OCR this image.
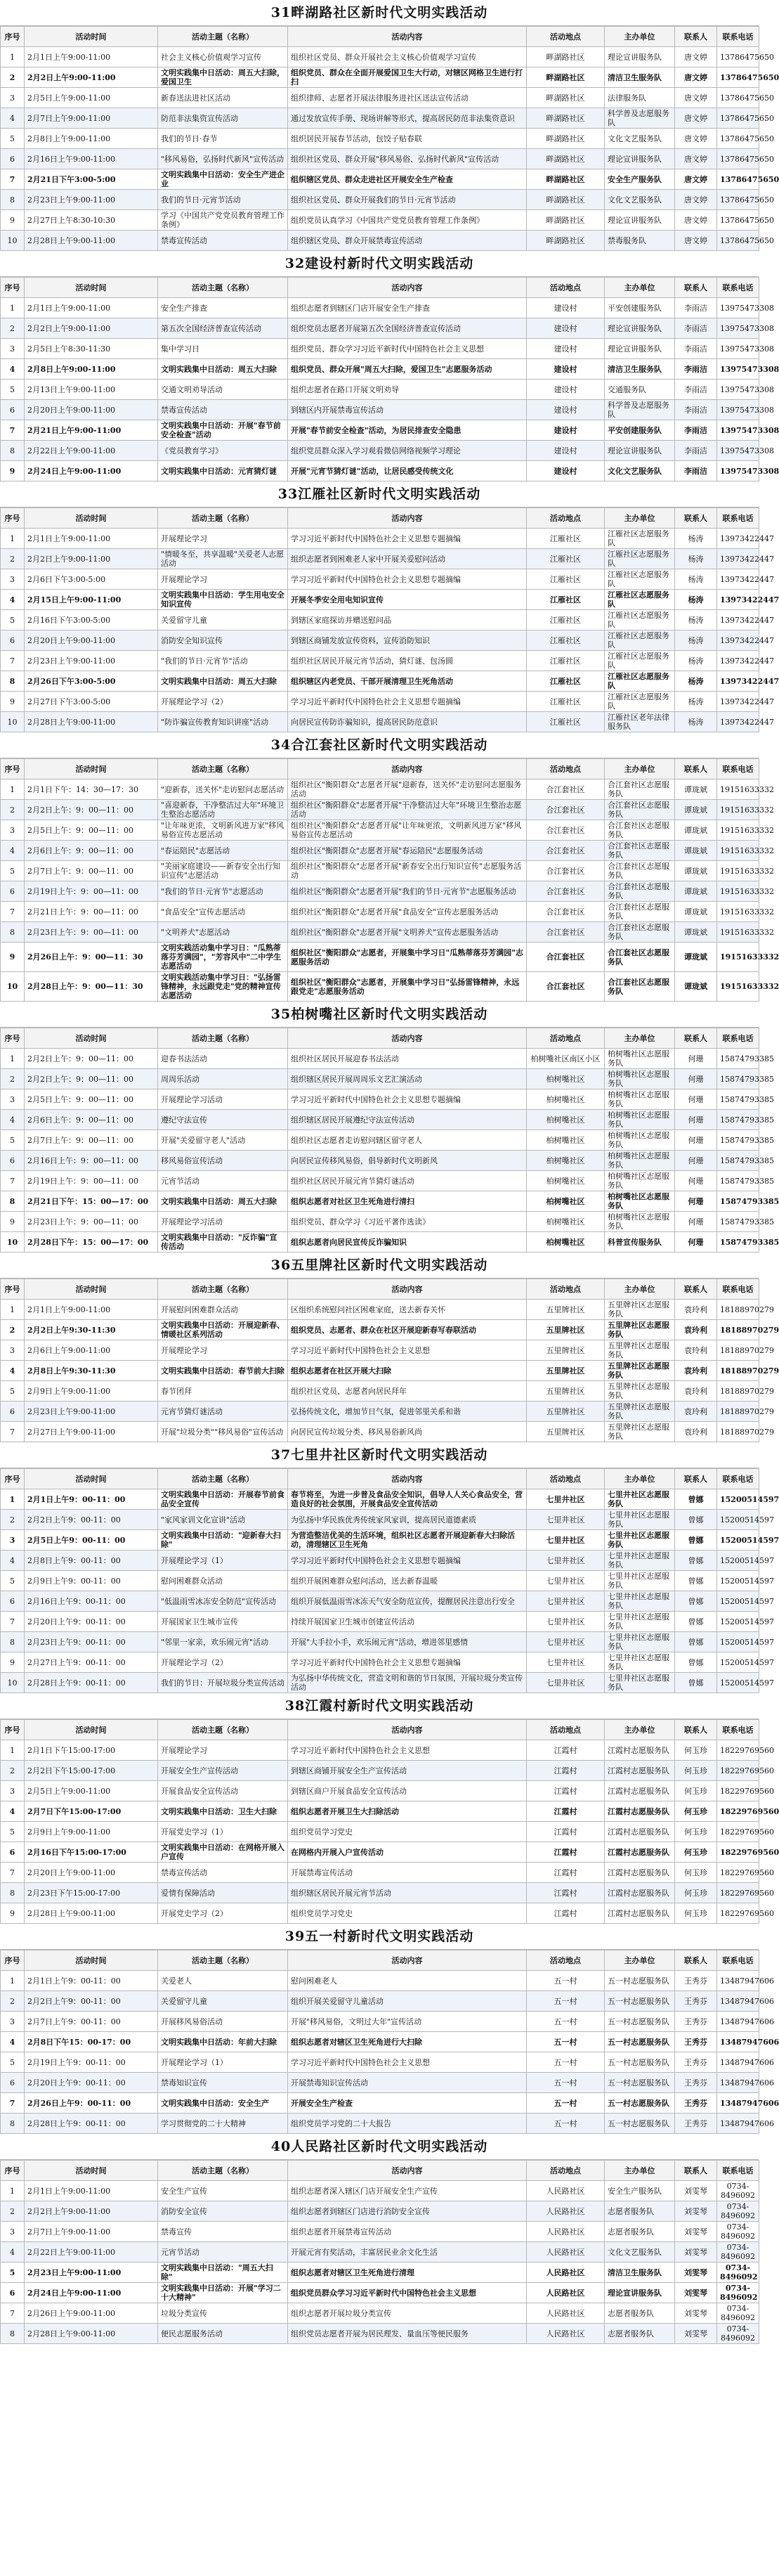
31畔湖路社区新时代文明实践活动
序号	活动时间	活动主题（名称）	活动内容	活动地点	主办单位	联系人	联系电话
1	2月1日上午9:00-11:00	社会主义核心价值观学习宣传	组织社区党员、群众开展社会主义核心价值观学习宣传	畔湖路社区	理论宣讲服务队	唐文婷	13786475650
2	2月2日上午9:00-11:00	文明实践集中日活动：周五大扫除，爱国卫生	组织党员、群众在全面开展爱国卫生大行动，对辖区网格卫生进行打扫	畔湖路社区	清洁卫生服务队	唐文婷	13786475650
3	2月5日上午9:00-11:00	新春送法进社区活动	组织律师、志愿者开展法律服务进社区送法宣传活动	畔湖路社区	法律服务队	唐文婷	13786475650
4	2月7日上午9:00-11:00	防范非法集资宣传活动	通过发放宣传手册、现场讲解等形式，提高居民防范非法集资意识	畔湖路社区	科学普及志愿服务队	唐文婷	13786475650
5	2月8日上午9:00-11:00	我们的节日·春节	组织居民开展春节活动，包饺子贴春联	畔湖路社区	文化文艺服务队	唐文婷	13786475650
6	2月16日上午9:00-11:00	"移风易俗，弘扬时代新风"宣传活动	组织社区党员、群众开展"移风易俗、弘扬时代新风"宣传活动	畔湖路社区	理论宣讲服务队	唐文婷	13786475650
7	2月21日下午3:00-5:00	文明实践集中日活动：安全生产进企业	组织辖区党员、群众走进社区开展安全生产检查	畔湖路社区	安全生产服务队	唐文婷	13786475650
8	2月23日上午9:00-11:00	我们的节日·元宵节活动	组织社区党员、群众开展我们的节日·元宵节活动	畔湖路社区	文化文艺服务队	唐文婷	13786475650
9	2月27日上午8:30-10:30	学习《中国共产党党员教育管理工作条例》	组织党员认真学习《中国共产党党员教育管理工作条例》	畔湖路社区	理论宣讲服务队	唐文婷	13786475650
10	2月28日上午9:00-11:00	禁毒宣传活动	组织辖区党员、群众开展禁毒宣传活动	畔湖路社区	禁毒服务队	唐文婷	13786475650
32建设村新时代文明实践活动
序号	活动时间	活动主题（名称）	活动内容	活动地点	主办单位	联系人	联系电话
1	2月1日上午9:00-11:00	安全生产排查	组织志愿者到辖区门店开展安全生产排查	建设村	平安创建服务队	李雨洁	13975473308
2	2月2日上午9:00-11:00	第五次全国经济普查宣传活动	组织党员志愿者开展第五次全国经济普查宣传活动	建设村	理论宣讲服务队	李雨洁	13975473308
3	2月5日上午8:30-11:30	集中学习日	组织党员、群众学习习近平新时代中国特色社会主义思想	建设村	理论宣讲服务队	李雨洁	13975473308
4	2月8日上午9:00-11:00	文明实践集中日活动：周五大扫除	组织党员、群众开展"周五大扫除，爱国卫生"志愿服务活动	建设村	清洁卫生服务队	李雨洁	13975473308
5	2月13日上午9:00-11:00	交通文明劝导活动	组织志愿者在路口开展文明劝导	建设村	交通服务队	李雨洁	13975473308
6	2月20日上午9:00-11:00	禁毒宣传活动	到辖区内开展禁毒宣传活动	建设村	科学普及志愿服务队	李雨洁	13975473308
7	2月21日上午9:00-11:00	文明实践集中日活动：开展"春节前安全检查"活动	开展"春节前安全检查"活动，为居民排查安全隐患	建设村	平安创建服务队	李雨洁	13975473308
8	2月22日上午9:00-11:00	《党员教育学习》	组织党员群众深入学习观看微信网络视频学习理论	建设村	理论宣讲服务队	李雨洁	13975473308
9	2月24日上午9:00-11:00	文明实践集中日活动：元宵猜灯谜	开展"元宵节猜灯谜"活动，让居民感受传统文化	建设村	文化文艺服务队	李雨洁	13975473308
33江雁社区新时代文明实践活动
序号	活动时间	活动主题（名称）	活动内容	活动地点	主办单位	联系人	联系电话
1	2月1日上午9:00-11:00	开展理论学习	学习习近平新时代中国特色社会主义思想专题摘编	江雁社区	江雁社区志愿服务队	杨涛	13973422447
2	2月2日上午9:00-11:00	"情暖冬至，共享温暖"关爱老人志愿活动	组织志愿者到困难老人家中开展关爱慰问活动	江雁社区	江雁社区志愿服务队	杨涛	13973422447
3	2月6日下午3:00-5:00	开展理论学习	学习习近平新时代中国特色社会主义思想专题摘编	江雁社区	江雁社区志愿服务队	杨涛	13973422447
4	2月15日上午9:00-11:00	文明实践集中日活动：学生用电安全知识宣传	开展冬季安全用电知识宣传	江雁社区	江雁社区志愿服务队	杨涛	13973422447
5	2月16日下午3:00-5:00	关爱留守儿童	到辖区家庭探访并赠送慰问品	江雁社区	江雁社区志愿服务队	杨涛	13973422447
6	2月20日上午9:00-11:00	消防安全知识宣传	到辖区商铺发放宣传资料，宣传消防知识	江雁社区	江雁社区志愿服务队	杨涛	13973422447
7	2月23日上午9:00-11:00	"我们的节日·元宵节"活动	组织社区居民开展元宵节活动，猜灯谜、包汤圆	江雁社区	江雁社区志愿服务队	杨涛	13973422447
8	2月26日下午3:00-5:00	文明实践集中日活动：周五大扫除	组织辖区内老党员、干部开展清理卫生死角活动	江雁社区	江雁社区志愿服务队	杨涛	13973422447
9	2月27日下午3:00-5:00	开展理论学习（2）	学习习近平新时代中国特色社会主义思想专题摘编	江雁社区	江雁社区志愿服务队	杨涛	13973422447
10	2月28日上午9:00-11:00	"防诈骗宣传教育知识讲座"活动	向居民宣传防诈骗知识，提高居民防范意识	江雁社区	江雁社区老年法律服务队	杨涛	13973422447
34合江套社区新时代文明实践活动
序号	活动时间	活动主题（名称）	活动内容	活动地点	主办单位	联系人	联系电话
1	2月1日下午：14：30—17：30	"迎新春，送关怀"走访慰问志愿活动	组织社区"衡阳群众"志愿者开展"迎新春，送关怀"走访慰问志愿服务活动	合江套社区	合江套社区志愿服务队	谭珑斌	19151633332
2	2月2日上午：9：00—11：00	"喜迎新春，干净整洁过大年"环境卫生整治志愿活动	组织社区"衡阳群众"志愿者开展"干净整洁过大年"环境卫生整治志愿活动	合江套社区	合江套社区志愿服务队	谭珑斌	19151633332
3	2月5日上午：9：00—11：00	"让年味更浓，文明新风进万家"移风易俗宣传志愿活动	组织社区"衡阳群众"志愿者开展"让年味更浓，文明新风进万家"移风易俗宣传志愿活动	合江套社区	合江套社区志愿服务队	谭珑斌	19151633332
4	2月6日上午：9：00—11：00	"春运陪民"志愿活动	组织社区"衡阳群众"志愿者开展"春运陪民"志愿服务活动	合江套社区	合江套社区志愿服务队	谭珑斌	19151633332
5	2月7日上午：9：00—11：00	"美丽家庭建设——新春安全出行知识宣传"志愿活动	组织社区"衡阳群众"志愿者开展"新春安全出行知识宣传"志愿服务活动	合江套社区	合江套社区志愿服务队	谭珑斌	19151633332
6	2月19日上午：9：00—11：00	"我们的节日·元宵节"志愿活动	组织社区"衡阳群众"志愿者开展"我们的节日·元宵节"志愿服务活动	合江套社区	合江套社区志愿服务队	谭珑斌	19151633332
7	2月21日上午：9：00—11：00	"食品安全"宣传志愿活动	组织社区"衡阳群众"志愿者开展"食品安全"宣传志愿服务活动	合江套社区	合江套社区志愿服务队	谭珑斌	19151633332
8	2月23日上午：9：00—11：00	"文明养犬"志愿活动	组织社区"衡阳群众"志愿者开展"文明养犬"宣传志愿服务活动	合江套社区	合江套社区志愿服务队	谭珑斌	19151633332
9	2月26日上午：9：00—11：30	文明实践活动集中学习日："瓜熟蒂落芬芳满园"，"芳容风中"二中学生志愿活动	组织社区"衡阳群众"志愿者，开展集中学习日"瓜熟蒂落芬芳满园"志愿服务活动	合江套社区	合江套社区志愿服务队	谭珑斌	19151633332
10	2月28日上午：9：00—11：30	文明实践活动集中学习日："弘扬雷锋精神，永远跟党走"党的精神宣传志愿活动	组织社区"衡阳群众"志愿者，开展集中学习日"弘扬雷锋精神，永远跟党走"志愿服务活动	合江套社区	合江套社区志愿服务队	谭珑斌	19151633332
35柏树嘴社区新时代文明实践活动
序号	活动时间	活动主题（名称）	活动内容	活动地点	主办单位	联系人	联系电话
1	2月2日上午：9：00—11：00	迎春书法活动	组织社区居民开展迎春书法活动	柏树嘴社区南区小区	柏树嘴社区志愿服务队	何珊	15874793385
2	2月2日上午：9：00—11：00	周周乐活动	组织辖区居民开展周周乐文艺汇演活动	柏树嘴社区	柏树嘴社区志愿服务队	何珊	15874793385
3	2月5日上午：9：00—11：00	开展理论学习活动	学习习近平新时代中国特色社会主义思想专题摘编	柏树嘴社区	柏树嘴社区志愿服务队	何珊	15874793385
4	2月6日上午：9：00—11：00	遵纪守法宣传	组织辖区居民开展遵纪守法宣传活动	柏树嘴社区	柏树嘴社区志愿服务队	何珊	15874793385
5	2月7日上午：9：00—11：00	开展"关爱留守老人"活动	组织社区志愿者走访慰问辖区留守老人	柏树嘴社区	柏树嘴社区志愿服务队	何珊	15874793385
6	2月16日上午：9：00—11：00	移风易俗宣传活动	向居民宣传移风易俗，倡导新时代文明新风	柏树嘴社区	柏树嘴社区志愿服务队	何珊	15874793385
7	2月19日上午：9：00—11：00	元宵节活动	组织社区居民开展元宵节猜灯谜活动	柏树嘴社区	柏树嘴社区志愿服务队	何珊	15874793385
8	2月21日下午：15：00—17：00	文明实践集中日活动：周五大扫除	组织志愿者对社区卫生死角进行清扫	柏树嘴社区	柏树嘴社区志愿服务队	何珊	15874793385
9	2月23日上午：9：00—11：00	开展理论学习活动	组织党员、群众学习《习近平著作选读》	柏树嘴社区	柏树嘴社区志愿服务队	何珊	15874793385
10	2月28日下午：15：00—17：00	文明实践集中日活动："反诈骗"宣传活动	组织志愿者向居民宣传反诈骗知识	柏树嘴社区	科普宣传服务队	何珊	15874793385
36五里牌社区新时代文明实践活动
序号	活动时间	活动主题（名称）	活动内容	活动地点	主办单位	联系人	联系电话
1	2月1日上午9:00-11:00	开展慰问困难群众活动	区组织系统慰问社区困难家庭，送去新春关怀	五里牌社区	五里牌社区志愿服务队	袁玲利	18188970279
2	2月2日上午9:30-11:30	文明实践集中日活动：开展迎新春、情暖社区系列活动	组织党员、志愿者、群众在社区开展迎新春写春联活动	五里牌社区	五里牌社区志愿服务队	袁玲利	18188970279
3	2月6日上午9:00-11:00	开展理论学习	学习习近平新时代中国特色社会主义思想	五里牌社区	五里牌社区志愿服务队	袁玲利	18188970279
4	2月8日上午9:30-11:30	文明实践集中日活动：春节前大扫除	组织志愿者在社区开展大扫除	五里牌社区	五里牌社区志愿服务队	袁玲利	18188970279
5	2月9日上午9:00-11:00	春节团拜	组织社区党员、志愿者向居民拜年	五里牌社区	五里牌社区志愿服务队	袁玲利	18188970279
6	2月23日上午9:00-11:00	元宵节猜灯谜活动	弘扬传统文化，增加节日气氛，促进邻里关系和谐	五里牌社区	五里牌社区志愿服务队	袁玲利	18188970279
7	2月27日上午9:00-11:00	开展"垃圾分类""移风易俗"宣传活动	向居民宣传垃圾分类、移风易俗新风尚	五里牌社区	五里牌社区志愿服务队	袁玲利	18188970279
37七里井社区新时代文明实践活动
序号	活动时间	活动主题（名称）	活动内容	活动地点	主办单位	联系人	联系电话
1	2月1日上午9：00-11：00	文明实践集中日活动：开展春节前食品安全宣传	春节将至，为进一步普及食品安全知识，倡导人人关心食品安全，营造良好的社会氛围，开展食品安全宣传活动	七里井社区	七里井社区志愿服务队	曾娜	15200514597
2	2月2日上午9：00-11：00	"家风家训文化宣讲"活动	为弘扬中华民族优秀传统家风家训，提高居民道德素质	七里井社区	七里井社区志愿服务队	曾娜	15200514597
3	2月5日上午9：00-11：00	文明实践集中日活动："迎新春大扫除"	为营造整洁优美的生活环境，组织社区志愿者开展迎新春大扫除活动，清理辖区卫生死角	七里井社区	七里井社区志愿服务队	曾娜	15200514597
4	2月8日上午9：00-11：00	开展理论学习（1）	学习习近平新时代中国特色社会主义思想专题摘编	七里井社区	七里井社区志愿服务队	曾娜	15200514597
5	2月9日上午9：00-11：00	慰问困难群众活动	组织开展困难群众慰问活动，送去新春温暖	七里井社区	七里井社区志愿服务队	曾娜	15200514597
6	2月16日上午9：00-11：00	"低温雨雪冰冻安全防范"宣传活动	组织开展低温雨雪冰冻天气安全防范宣传，提醒居民注意出行安全	七里井社区	七里井社区志愿服务队	曾娜	15200514597
7	2月20日上午9：00-11：00	开展国家卫生城市宣传	持续开展国家卫生城市创建宣传活动	七里井社区	七里井社区志愿服务队	曾娜	15200514597
8	2月23日上午9：00-11：00	"邻里一家亲，欢乐闹元宵"活动	开展"大手拉小手，欢乐闹元宵"活动，增进邻里感情	七里井社区	七里井社区志愿服务队	曾娜	15200514597
9	2月27日上午9：00-11：00	开展理论学习（2）	学习习近平新时代中国特色社会主义思想专题摘编	七里井社区	七里井社区志愿服务队	曾娜	15200514597
10	2月28日上午9：00-11：00	我们的节日：开展垃圾分类宣传活动	为弘扬中华传统文化，营造文明和谐的节日氛围，开展垃圾分类宣传活动	七里井社区	七里井社区志愿服务队	曾娜	15200514597
38江霞村新时代文明实践活动
序号	活动时间	活动主题（名称）	活动内容	活动地点	主办单位	联系人	联系电话
1	2月1日下午15:00-17:00	开展理论学习	学习习近平新时代中国特色社会主义思想	江霞村	江霞村志愿服务队	何玉珍	18229769560
2	2月2日下午15:00-17:00	开展安全生产宣传活动	到辖区商铺开展安全生产宣传活动	江霞村	江霞村志愿服务队	何玉珍	18229769560
3	2月5日上午9:00-11:00	开展食品安全宣传活动	到辖区商户开展食品安全宣传活动	江霞村	江霞村志愿服务队	何玉珍	18229769560
4	2月7日下午15:00-17:00	文明实践集中日活动：卫生大扫除	组织志愿者开展卫生大扫除活动	江霞村	江霞村志愿服务队	何玉珍	18229769560
5	2月9日上午9:00-11:00	开展党史学习（1）	组织党员学习党史	江霞村	江霞村志愿服务队	何玉珍	18229769560
6	2月16日下午15:00-17:00	文明实践集中日活动：在网格开展入户宣传	在网格内开展入户宣传活动	江霞村	江霞村志愿服务队	何玉珍	18229769560
7	2月20日上午9:00-11:00	禁毒宣传活动	开展禁毒宣传活动	江霞村	江霞村志愿服务队	何玉珍	18229769560
8	2月23日下午15:00-17:00	爱情有保障活动	组织辖区居民开展元宵节活动	江霞村	江霞村志愿服务队	何玉珍	18229769560
9	2月28日上午9:00-11:00	开展党史学习（2）	组织党员学习党史	江霞村	江霞村志愿服务队	何玉珍	18229769560
39五一村新时代文明实践活动
序号	活动时间	活动主题（名称）	活动内容	活动地点	主办单位	联系人	联系电话
1	2月1日上午9：00-11：00	关爱老人	慰问困难老人	五一村	五一村志愿服务队	王秀芬	13487947606
2	2月2日上午9：00-11：00	关爱留守儿童	组织开展关爱留守儿童活动	五一村	五一村志愿服务队	王秀芬	13487947606
3	2月7日上午9：00-11：00	开展移风易俗活动	开展"移风易俗，文明过大年"宣传活动	五一村	五一村志愿服务队	王秀芬	13487947606
4	2月8日下午15：00-17：00	文明实践集中日活动：年前大扫除	组织志愿者对辖区卫生死角进行大扫除	五一村	五一村志愿服务队	王秀芬	13487947606
5	2月19日上午9：00-11：00	开展理论学习（1）	学习习近平新时代中国特色社会主义思想	五一村	五一村志愿服务队	王秀芬	13487947606
6	2月20日上午9：00-11：00	禁毒知识宣传	开展禁毒知识宣传活动	五一村	五一村志愿服务队	王秀芬	13487947606
7	2月26日上午9：00-11：00	文明实践集中日活动：安全生产	开展安全生产检查	五一村	五一村志愿服务队	王秀芬	13487947606
8	2月28日上午9：00-11：00	学习贯彻党的二十大精神	组织党员学习党的二十大报告	五一村	五一村志愿服务队	王秀芬	13487947606
40人民路社区新时代文明实践活动
序号	活动时间	活动主题（名称）	活动内容	活动地点	主办单位	联系人	联系电话
1	2月1日上午9:00-11:00	安全生产宣传	组织志愿者深入辖区门店开展安全生产宣传	人民路社区	安全生产服务队	刘雯琴	0734-8496092
2	2月2日上午9:00-11:00	消防安全宣传	组织志愿者到辖区门店进行消防安全宣传	人民路社区	志愿者服务队	刘雯琴	0734-8496092
3	2月7日上午9:00-11:00	禁毒宣传	组织志愿者开展禁毒宣传活动	人民路社区	志愿者服务队	刘雯琴	0734-8496092
4	2月22日上午9:00-11:00	元宵节活动	开展元宵有奖活动，丰富居民业余文化生活	人民路社区	文化文艺服务队	刘雯琴	0734-8496092
5	2月23日上午9:00-11:00	文明实践集中日活动："周五大扫除"	组织志愿者对辖区卫生死角进行清理	人民路社区	清洁卫生服务队	刘雯琴	0734-8496092
6	2月24日上午9:00-11:00	文明实践集中日活动：开展"学习二十大精神"	组织党员群众学习习近平新时代中国特色社会主义思想	人民路社区	理论宣讲服务队	刘雯琴	0734-8496092
7	2月26日上午9:00-11:00	垃圾分类宣传	组织志愿者开展垃圾分类宣传	人民路社区	志愿者服务队	刘雯琴	0734-8496092
8	2月28日上午9:00-11:00	便民志愿服务活动	组织党员志愿者开展为居民理发、量血压等便民服务	人民路社区	志愿者服务队	刘雯琴	0734-8496092
